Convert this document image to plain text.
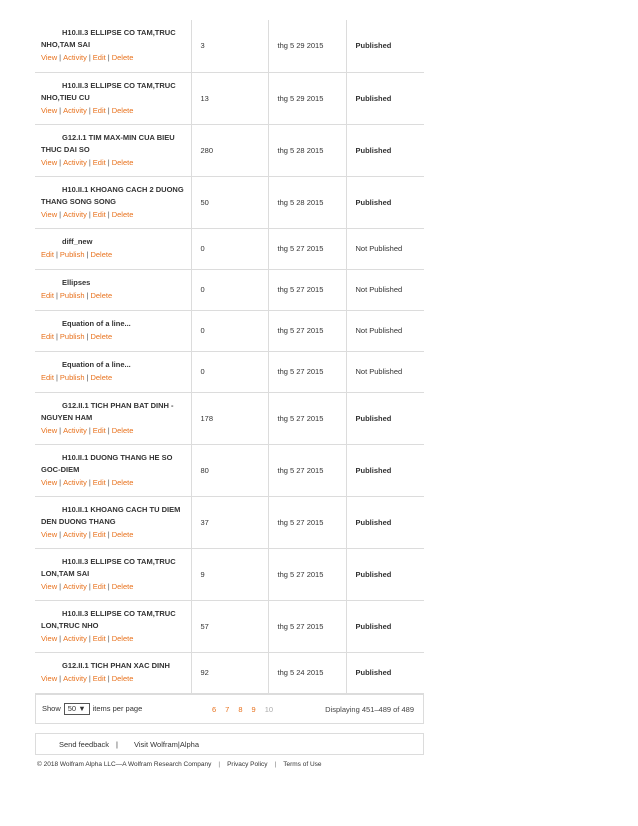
H10.II.3 ELLIPSE CO TAM,TRUC
NHO,TAM SAI
View | Activity | Edit | Delete	3	thg 5 29 2015	Published

H10.II.3 ELLIPSE CO TAM,TRUC
NHO,TIEU CU
View | Activity | Edit | Delete	13	thg 5 29 2015	Published

G12.I.1 TIM MAX-MIN CUA BIEU
THUC DAI SO
View | Activity | Edit | Delete	280	thg 5 28 2015	Published

H10.II.1 KHOANG CACH 2 DUONG
THANG SONG SONG
View | Activity | Edit | Delete	50	thg 5 28 2015	Published

diff_new
Edit | Publish | Delete	0	thg 5 27 2015	Not Published

Ellipses
Edit | Publish | Delete	0	thg 5 27 2015	Not Published

Equation of a line...
Edit | Publish | Delete	0	thg 5 27 2015	Not Published

Equation of a line...
Edit | Publish | Delete	0	thg 5 27 2015	Not Published

G12.II.1 TICH PHAN BAT DINH -
NGUYEN HAM
View | Activity | Edit | Delete	178	thg 5 27 2015	Published

H10.II.1 DUONG THANG HE SO
GOC-DIEM
View | Activity | Edit | Delete	80	thg 5 27 2015	Published

H10.II.1 KHOANG CACH TU DIEM
DEN DUONG THANG
View | Activity | Edit | Delete	37	thg 5 27 2015	Published

H10.II.3 ELLIPSE CO TAM,TRUC
LON,TAM SAI
View | Activity | Edit | Delete	9	thg 5 27 2015	Published

H10.II.3 ELLIPSE CO TAM,TRUC
LON,TRUC NHO
View | Activity | Edit | Delete	57	thg 5 27 2015	Published

G12.II.1 TICH PHAN XAC DINH
View | Activity | Edit | Delete	92	thg 5 24 2015	Published
Show 50 ▼ items per page	6 7 8 9 10	Displaying 451–489 of 489
Send feedback | Visit Wolfram|Alpha
© 2018 Wolfram Alpha LLC—A Wolfram Research Company | Privacy Policy | Terms of Use
